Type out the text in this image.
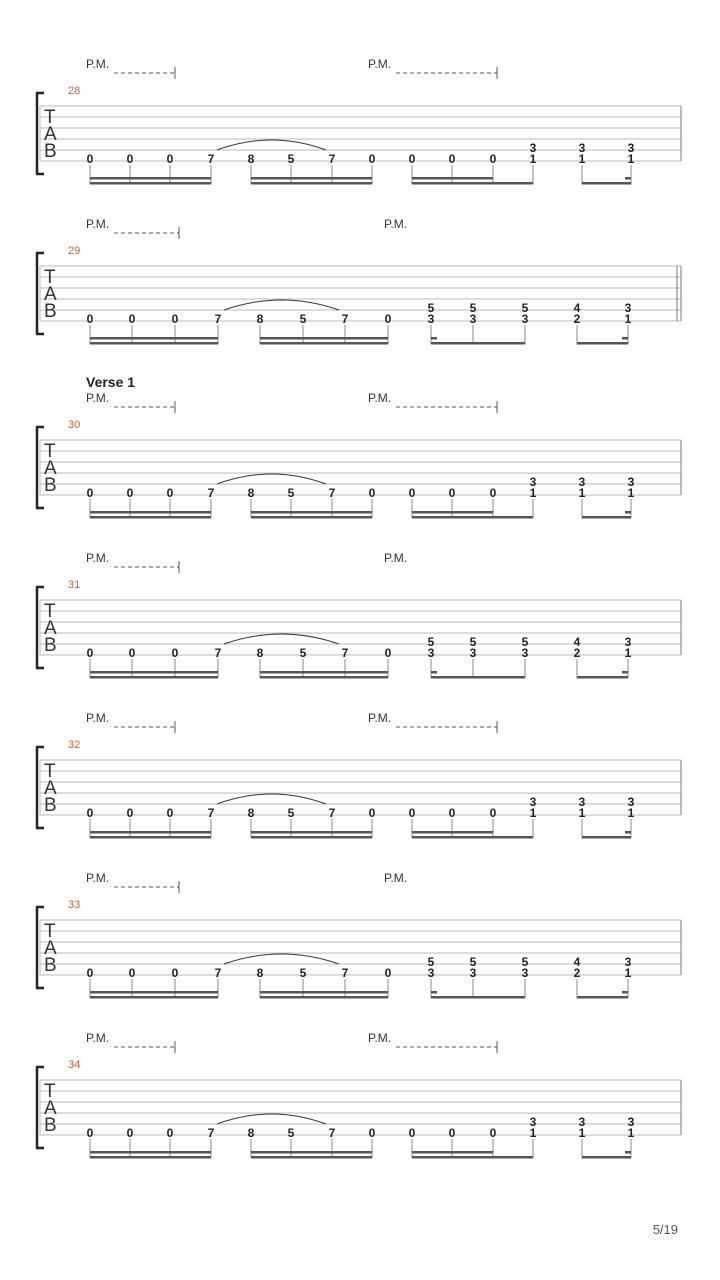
P.M.	P.M.
28
T
A
B 0	0	0	7	8	5	7	0	0	0	0
3
1
3
1
3
1
P.M.	P.M.
29
T
A
B 0	0	0	7	8	5	7	0
5
3
5
3
5
3
4
2
3
1
Verse 1
P.M.	P.M.
30
T
A
B 0	0	0	7	8	5	7	0	0	0	0
3
1
3
1
3
1
P.M.	P.M.
31
T
A
B 0	0	0	7	8	5	7	0
5
3
5
3
5
3
4
2
3
1
P.M.	P.M.
32
T
A
B 0	0	0	7	8	5	7	0	0	0	0
3
1
3
1
3
1
P.M.	P.M.
33
T
A
B 0	0	0	7	8	5	7	0
5
3
5
3
5
3
4
2
3
1
P.M.	P.M.
34
T
A
B 0	0	0	7	8	5	7	0	0	0	0
3
1
3
1
3
1
5/19
